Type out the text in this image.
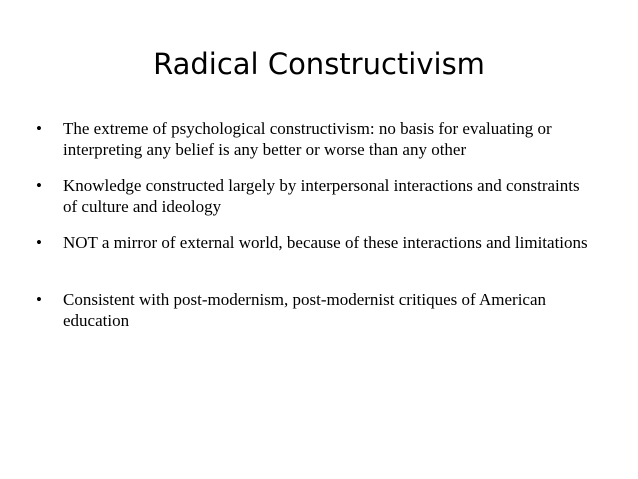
Radical Constructivism
•	The extreme of psychological constructivism: no basis for evaluating or interpreting any belief is any better or worse than any other
•	Knowledge constructed largely by interpersonal interactions and constraints of culture and ideology
•	NOT a mirror of external world, because of these interactions and limitations
•	Consistent with post-modernism, post-modernist critiques of American education
